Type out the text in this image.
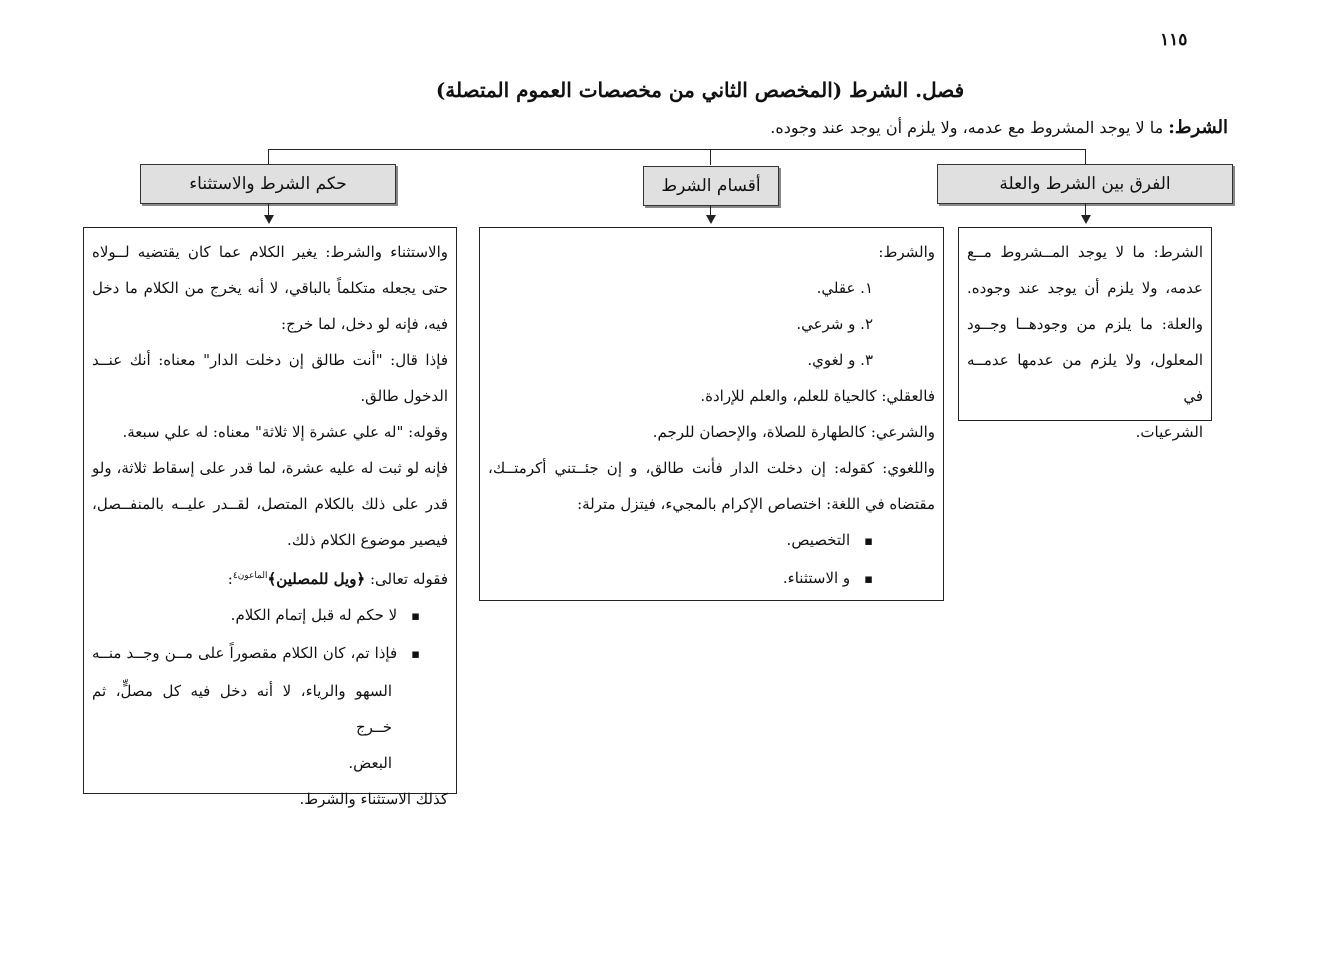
١١٥
فصل. الشرط (المخصص الثاني من مخصصات العموم المتصلة)
الشرط: ما لا يوجد المشروط مع عدمه، ولا يلزم أن يوجد عند وجوده.
الفرق بين الشرط والعلة
أقسام الشرط
حكم الشرط والاستثناء
الشرط: ما لا يوجد المــشروط مــع
عدمه، ولا يلزم أن يوجد عند وجوده.
والعلة: ما يلزم من وجودهــا وجــود
المعلول، ولا يلزم من عدمها عدمــه في
الشرعيات.
والشرط:
١. عقلي.
٢. و شرعي.
٣. و لغوي.
فالعقلي: كالحياة للعلم، والعلم للإرادة.
والشرعي: كالطهارة للصلاة، والإحصان للرجم.
واللغوي: كقوله: إن دخلت الدار فأنت طالق، و إن جئــتني أكرمتــك،
مقتضاه في اللغة: اختصاص الإكرام بالمجيء، فيتزل مترلة:
▪ التخصيص.
▪ و الاستثناء.
والاستثناء والشرط: يغير الكلام عما كان يقتضيه لــولاه
حتى يجعله متكلماً بالباقي، لا أنه يخرج من الكلام ما دخل
فيه، فإنه لو دخل، لما خرج:
فإذا قال: "أنت طالق إن دخلت الدار" معناه: أنك عنــد
الدخول طالق.
وقوله: "له علي عشرة إلا ثلاثة" معناه: له علي سبعة.
فإنه لو ثبت له عليه عشرة، لما قدر على إسقاط ثلاثة، ولو
قدر على ذلك بالكلام المتصل، لقــدر عليــه بالمنفــصل،
فيصير موضوع الكلام ذلك.
فقوله تعالى: ﴿ويل للمصلين﴾$^{الماعون٤}$:
▪ لا حكم له قبل إتمام الكلام.
▪
فإذا تم، كان الكلام مقصوراً على مــن وجــد منــه
السهو والرياء، لا أنه دخل فيه كل مصلٍّ، ثم خــرج
البعض.
كذلك الاستثناء والشرط.
